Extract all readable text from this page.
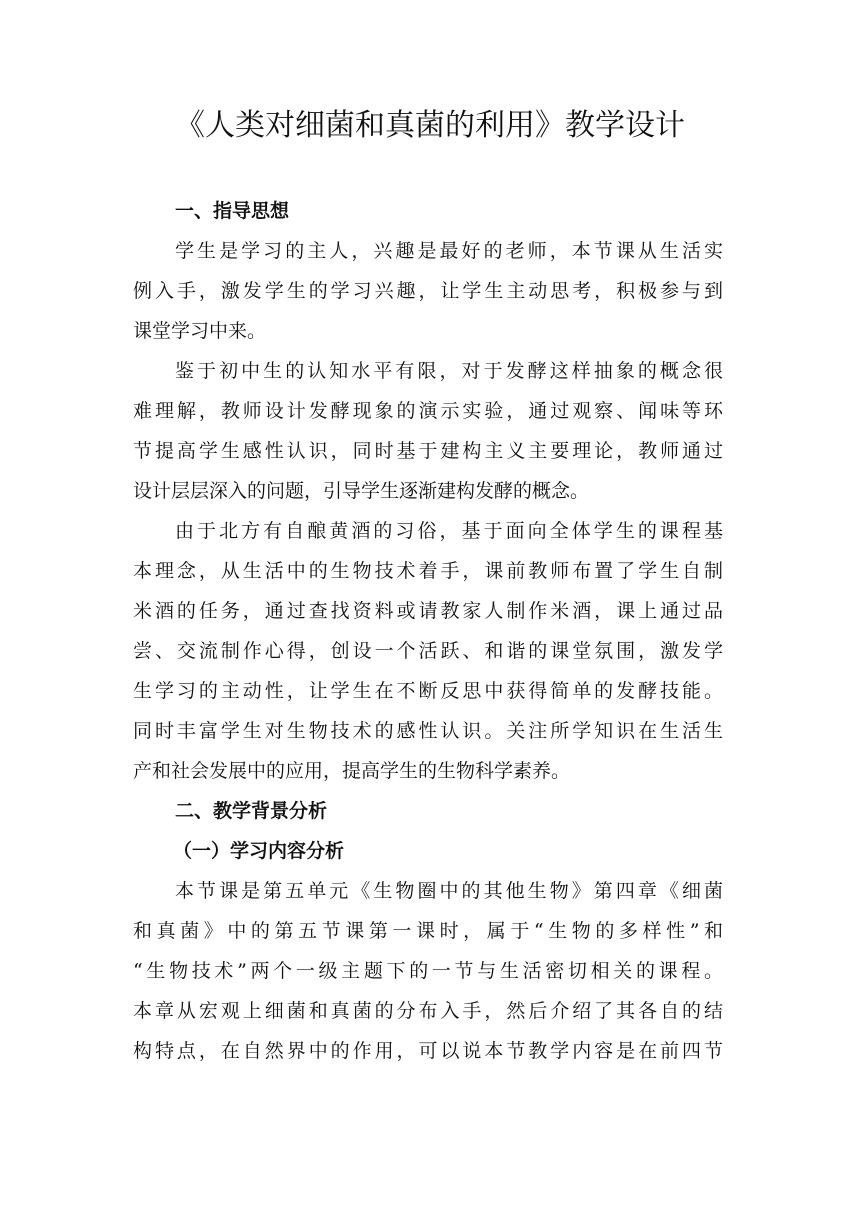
《人类对细菌和真菌的利用》教学设计
一、指导思想

学生是学习的主人，兴趣是最好的老师，本节课从生活实
例入手，激发学生的学习兴趣，让学生主动思考，积极参与到
课堂学习中来。

鉴于初中生的认知水平有限，对于发酵这样抽象的概念很
难理解，教师设计发酵现象的演示实验，通过观察、闻味等环
节提高学生感性认识，同时基于建构主义主要理论，教师通过
设计层层深入的问题，引导学生逐渐建构发酵的概念。

由于北方有自酿黄酒的习俗，基于面向全体学生的课程基
本理念，从生活中的生物技术着手，课前教师布置了学生自制
米酒的任务，通过查找资料或请教家人制作米酒，课上通过品
尝、交流制作心得，创设一个活跃、和谐的课堂氛围，激发学
生学习的主动性，让学生在不断反思中获得简单的发酵技能。
同时丰富学生对生物技术的感性认识。关注所学知识在生活生
产和社会发展中的应用，提高学生的生物科学素养。

二、教学背景分析
（一）学习内容分析

本节课是第五单元《生物圈中的其他生物》第四章《细菌
和真菌》中的第五节课第一课时，属于“生物的多样性”和
“生物技术”两个一级主题下的一节与生活密切相关的课程。
本章从宏观上细菌和真菌的分布入手，然后介绍了其各自的结
构特点，在自然界中的作用，可以说本节教学内容是在前四节
